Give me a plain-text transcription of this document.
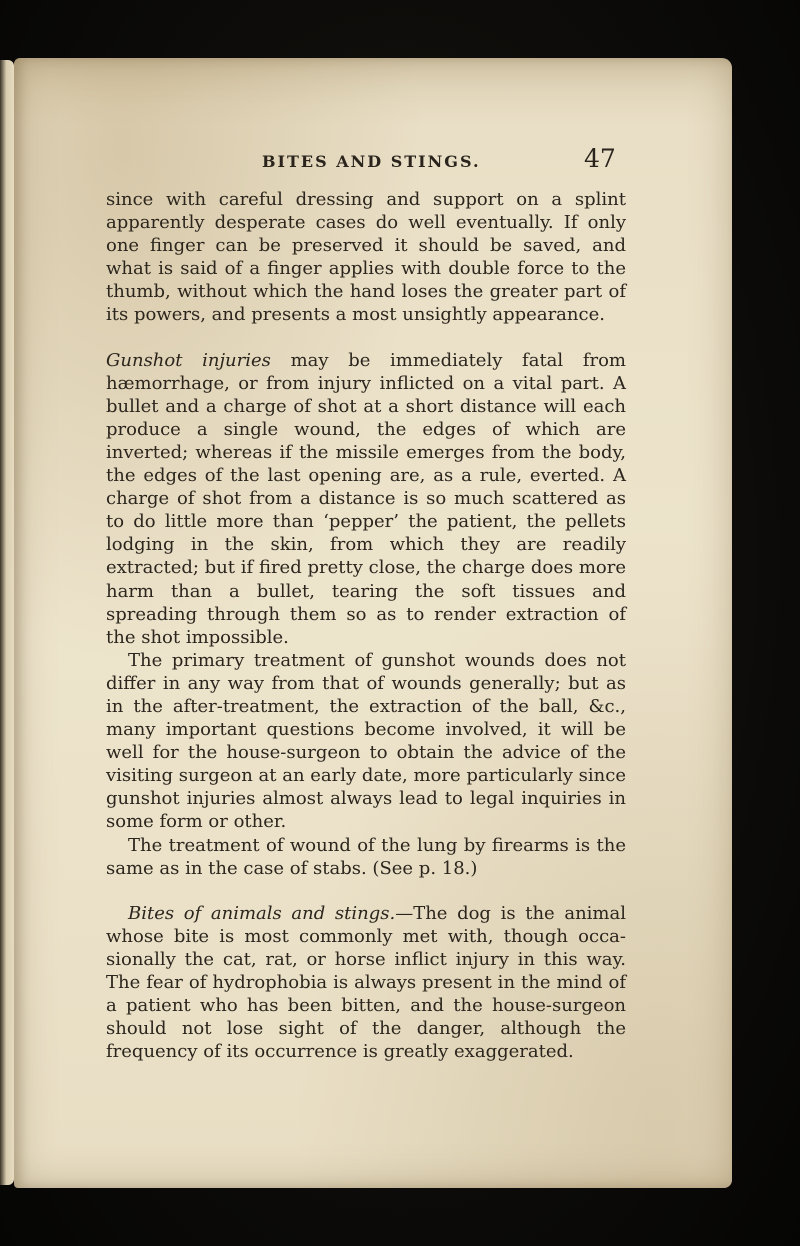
BITES AND STINGS.	47

since with careful dressing and support on a splint apparently desperate cases do well eventually. If only one finger can be preserved it should be saved, and what is said of a finger applies with double force to the thumb, without which the hand loses the greater part of its powers, and presents a most unsightly appearance.

Gunshot injuries may be immediately fatal from hæmorrhage, or from injury inflicted on a vital part. A bullet and a charge of shot at a short distance will each produce a single wound, the edges of which are inverted; whereas if the missile emerges from the body, the edges of the last opening are, as a rule, everted. A charge of shot from a distance is so much scattered as to do little more than ‘pepper’ the patient, the pellets lodging in the skin, from which they are readily extracted; but if fired pretty close, the charge does more harm than a bullet, tearing the soft tissues and spreading through them so as to render extraction of the shot impossible.

The primary treatment of gunshot wounds does not differ in any way from that of wounds generally; but as in the after-treatment, the extraction of the ball, &c., many important questions become involved, it will be well for the house-surgeon to obtain the advice of the visiting surgeon at an early date, more particularly since gunshot injuries almost always lead to legal inquiries in some form or other.

The treatment of wound of the lung by firearms is the same as in the case of stabs. (See p. 18.)

Bites of animals and stings.—The dog is the animal whose bite is most commonly met with, though occasionally the cat, rat, or horse inflict injury in this way. The fear of hydrophobia is always present in the mind of a patient who has been bitten, and the house-surgeon should not lose sight of the danger, although the frequency of its occurrence is greatly exaggerated.
